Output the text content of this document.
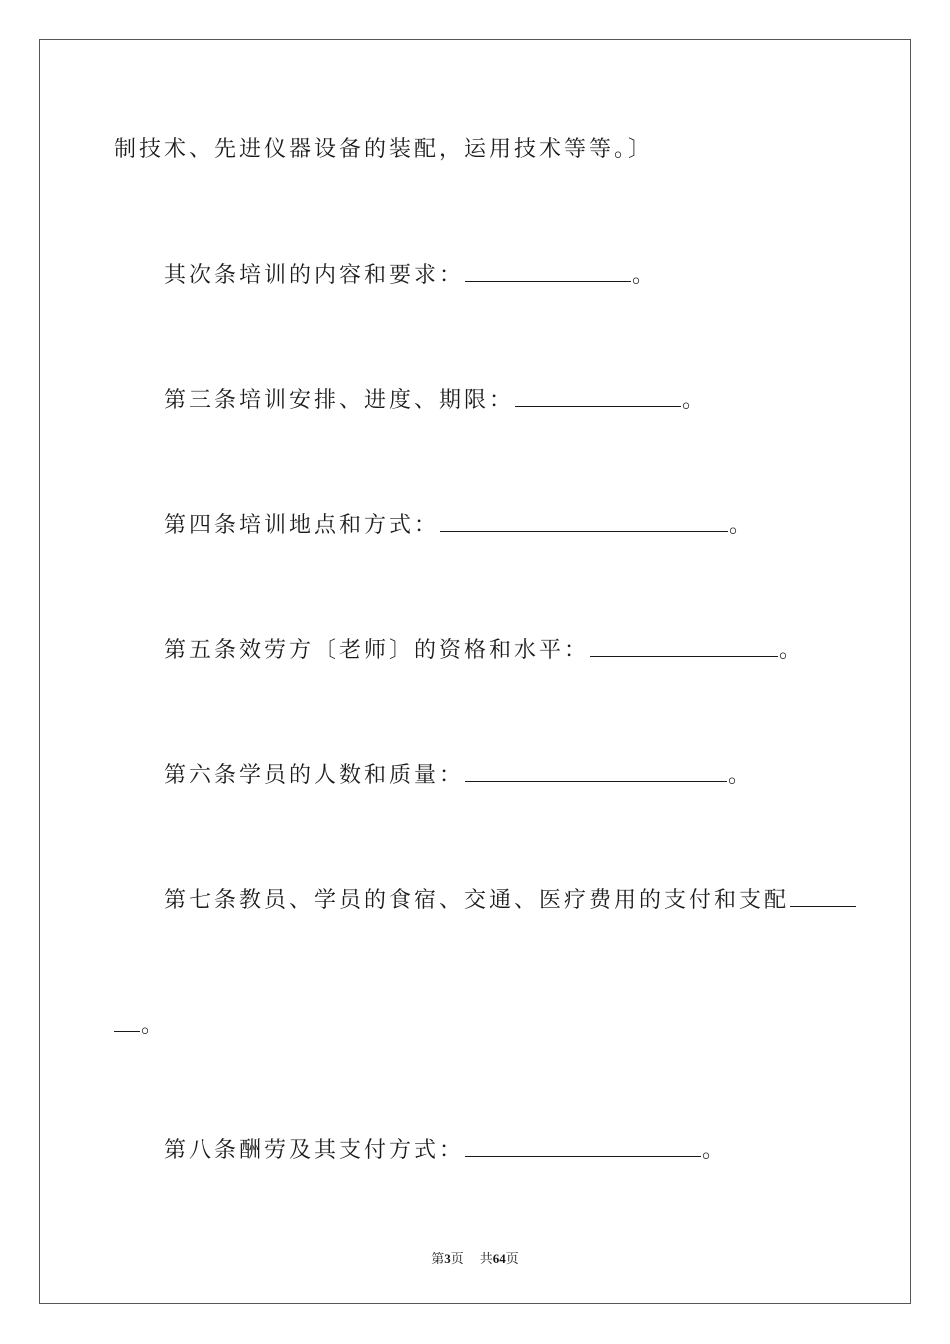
制技术、先进仪器设备的装配，运用技术等等。〕
其次条培训的内容和要求：	。
第三条培训安排、进度、期限：	。
第四条培训地点和方式：	。
第五条效劳方〔老师〕的资格和水平：	。
第六条学员的人数和质量：	。
第七条教员、学员的食宿、交通、医疗费用的支付和支配
。
第八条酬劳及其支付方式：	。
第3页 共64页
